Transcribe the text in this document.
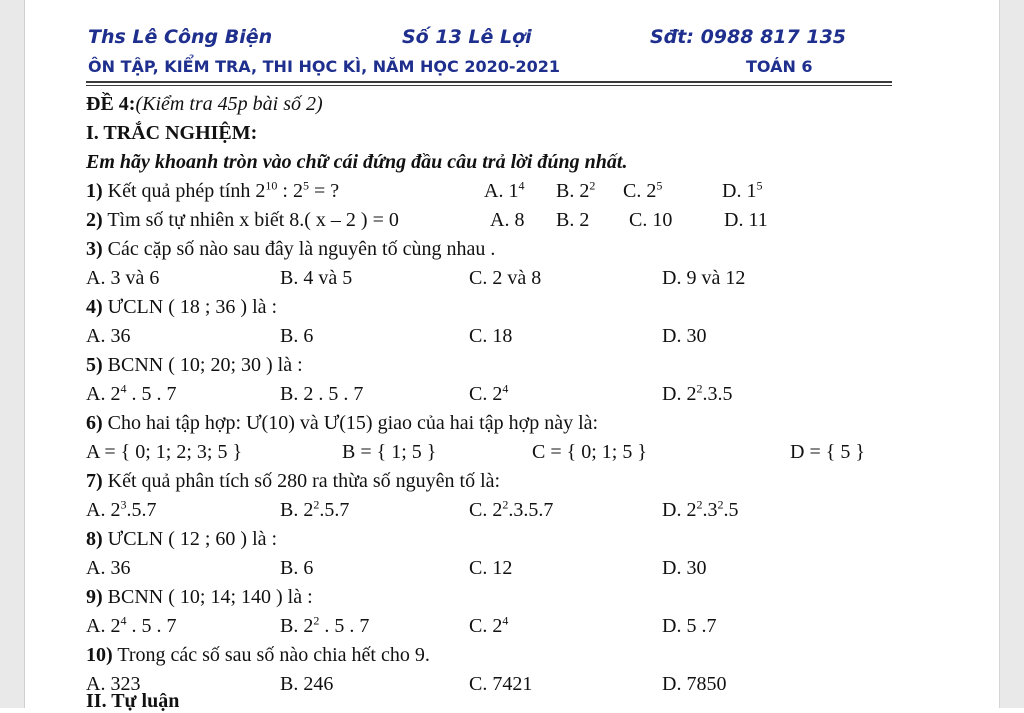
Ths Lê Công Biện	Số 13 Lê Lợi	Sđt: 0988 817 135
ÔN TẬP, KIỂM TRA, THI HỌC KÌ, NĂM HỌC 2020-2021	TOÁN 6
ĐỀ 4:(Kiểm tra 45p bài số 2)
I. TRẮC NGHIỆM:
Em hãy khoanh tròn vào chữ cái đứng đầu câu trả lời đúng nhất.
1) Kết quả phép tính $2^{10}$ : $2^5$ = ?	A. $1^4$ B. $2^2$ C. $2^5$	D. $1^5$
2) Tìm số tự nhiên x biết 8.( x – 2 ) = 0	A. 8 B. 2 C. 10	D. 11
3) Các cặp số nào sau đây là nguyên tố cùng nhau .
A. 3 và 6	B. 4 và 5	C. 2 và 8	D. 9 và 12
4) ƯCLN ( 18 ; 36 ) là :
A. 36	B. 6	C. 18	D. 30
5) BCNN ( 10; 20; 30 ) là :
A. $2^4$ . 5 . 7	B. 2 . 5 . 7	C. $2^4$	D. $2^2.3.5$
6) Cho hai tập hợp: Ư(10) và Ư(15) giao của hai tập hợp này là:
A = { 0; 1; 2; 3; 5 }	B = { 1; 5 }	C = { 0; 1; 5 }	D = { 5 }
7) Kết quả phân tích số 280 ra thừa số nguyên tố là:
A. $2^3.5.7$	B. $2^2.5.7$	C. $2^2.3.5.7$	D. $2^2.3^2.5$
8) ƯCLN ( 12 ; 60 ) là :
A. 36	B. 6	C. 12	D. 30
9) BCNN ( 10; 14; 140 ) là :
A. $2^4$ . 5 . 7	B. $2^2$ . 5 . 7	C. $2^4$	D. 5 .7
10) Trong các số sau số nào chia hết cho 9.
A. 323	B. 246	C. 7421	D. 7850
II. Tự luận
